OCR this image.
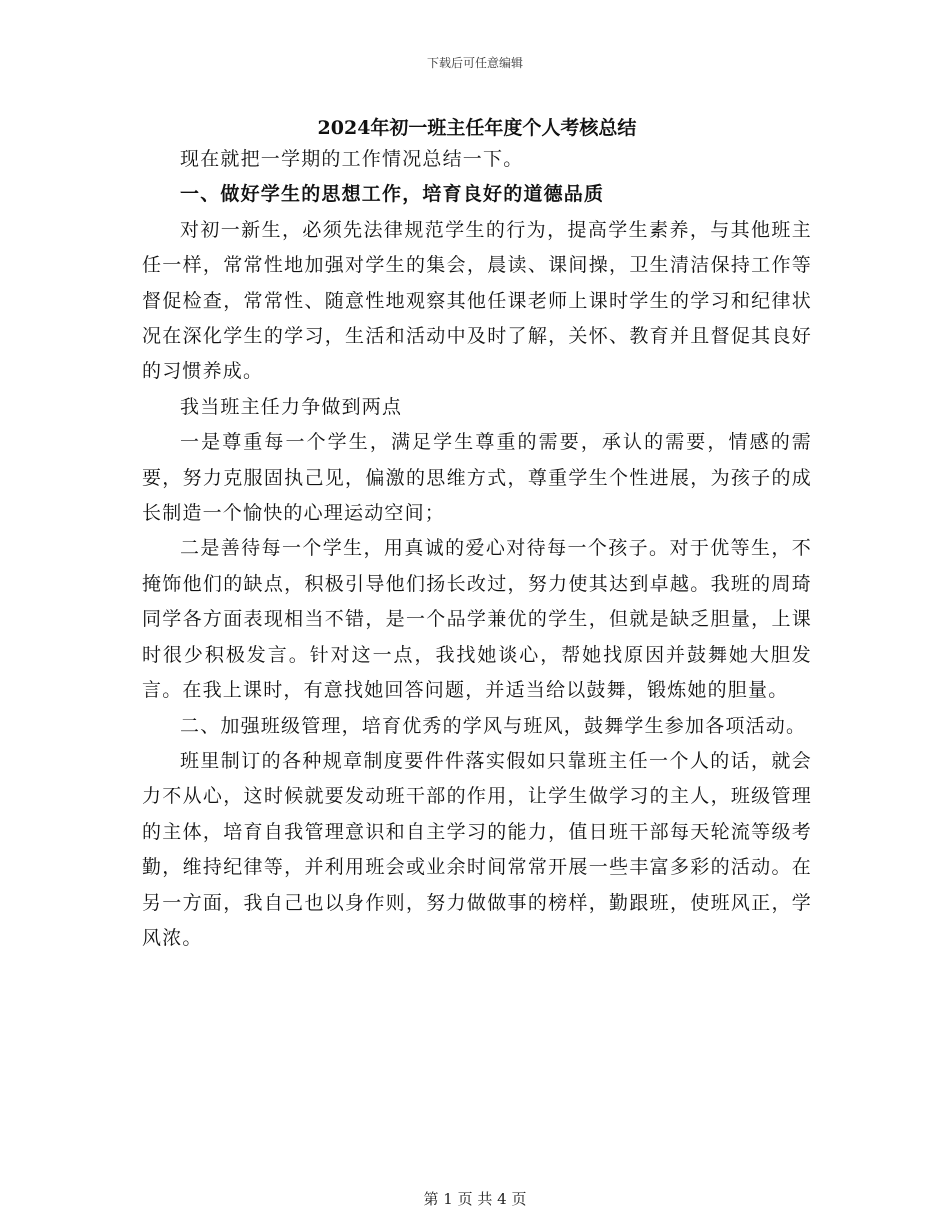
下载后可任意编辑
2024年初一班主任年度个人考核总结

现在就把一学期的工作情况总结一下。

一、做好学生的思想工作，培育良好的道德品质

对初一新生，必须先法律规范学生的行为，提高学生素养，与其他班主任一样，常常性地加强对学生的集会，晨读、课间操，卫生清洁保持工作等督促检查，常常性、随意性地观察其他任课老师上课时学生的学习和纪律状况在深化学生的学习，生活和活动中及时了解，关怀、教育并且督促其良好的习惯养成。

我当班主任力争做到两点

一是尊重每一个学生，满足学生尊重的需要，承认的需要，情感的需要，努力克服固执己见，偏激的思维方式，尊重学生个性进展，为孩子的成长制造一个愉快的心理运动空间；

二是善待每一个学生，用真诚的爱心对待每一个孩子。对于优等生，不掩饰他们的缺点，积极引导他们扬长改过，努力使其达到卓越。我班的周琦同学各方面表现相当不错，是一个品学兼优的学生，但就是缺乏胆量，上课时很少积极发言。针对这一点，我找她谈心，帮她找原因并鼓舞她大胆发言。在我上课时，有意找她回答问题，并适当给以鼓舞，锻炼她的胆量。

二、加强班级管理，培育优秀的学风与班风，鼓舞学生参加各项活动。

班里制订的各种规章制度要件件落实假如只靠班主任一个人的话，就会力不从心，这时候就要发动班干部的作用，让学生做学习的主人，班级管理的主体，培育自我管理意识和自主学习的能力，值日班干部每天轮流等级考勤，维持纪律等，并利用班会或业余时间常常开展一些丰富多彩的活动。在另一方面，我自己也以身作则，努力做做事的榜样，勤跟班，使班风正，学风浓。

第 1 页 共 4 页
